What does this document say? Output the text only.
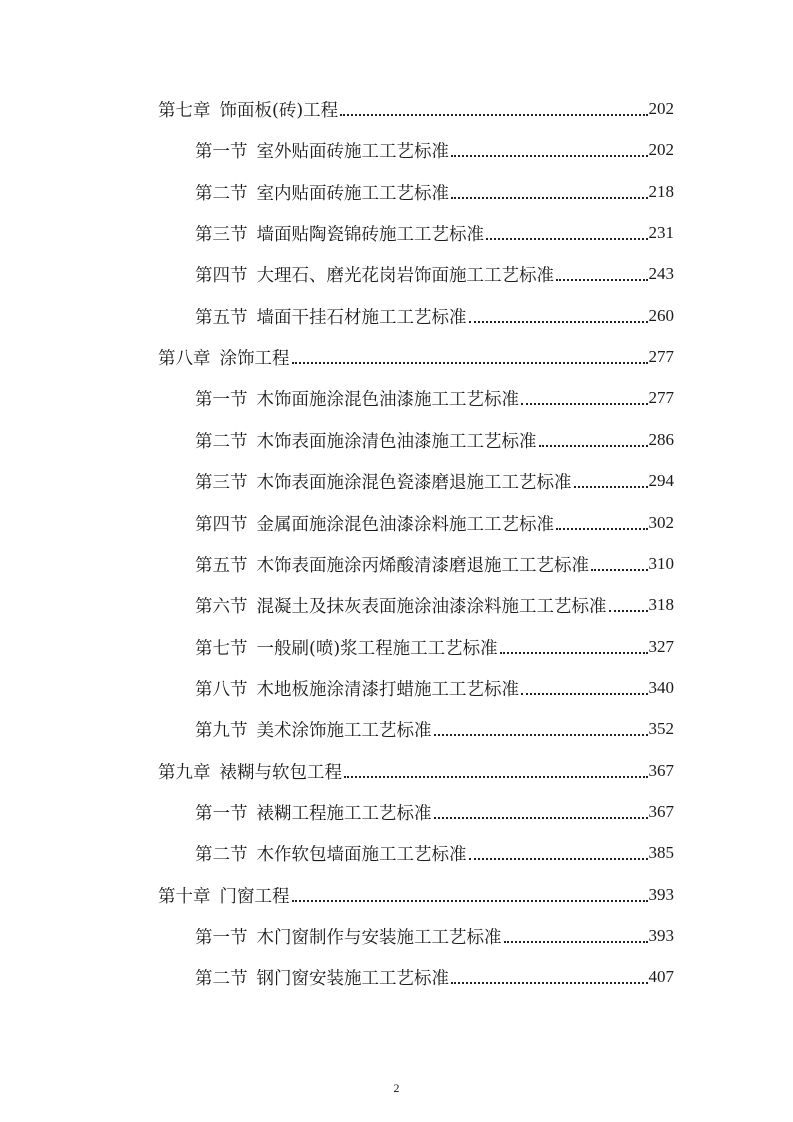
第七章 饰面板(砖)工程	202
第一节 室外贴面砖施工工艺标准	202
第二节 室内贴面砖施工工艺标准	218
第三节 墙面贴陶瓷锦砖施工工艺标准	231
第四节 大理石、磨光花岗岩饰面施工工艺标准	243
第五节 墙面干挂石材施工工艺标准	260
第八章 涂饰工程	277
第一节 木饰面施涂混色油漆施工工艺标准	277
第二节 木饰表面施涂清色油漆施工工艺标准	286
第三节 木饰表面施涂混色瓷漆磨退施工工艺标准	294
第四节 金属面施涂混色油漆涂料施工工艺标准	302
第五节 木饰表面施涂丙烯酸清漆磨退施工工艺标准	310
第六节 混凝土及抹灰表面施涂油漆涂料施工工艺标准 318
第七节 一般刷(喷)浆工程施工工艺标准	327
第八节 木地板施涂清漆打蜡施工工艺标准	340
第九节 美术涂饰施工工艺标准	352
第九章 裱糊与软包工程	367
第一节 裱糊工程施工工艺标准	367
第二节 木作软包墙面施工工艺标准	385
第十章 门窗工程	393
第一节 木门窗制作与安装施工工艺标准	393
第二节 钢门窗安装施工工艺标准	407
2
